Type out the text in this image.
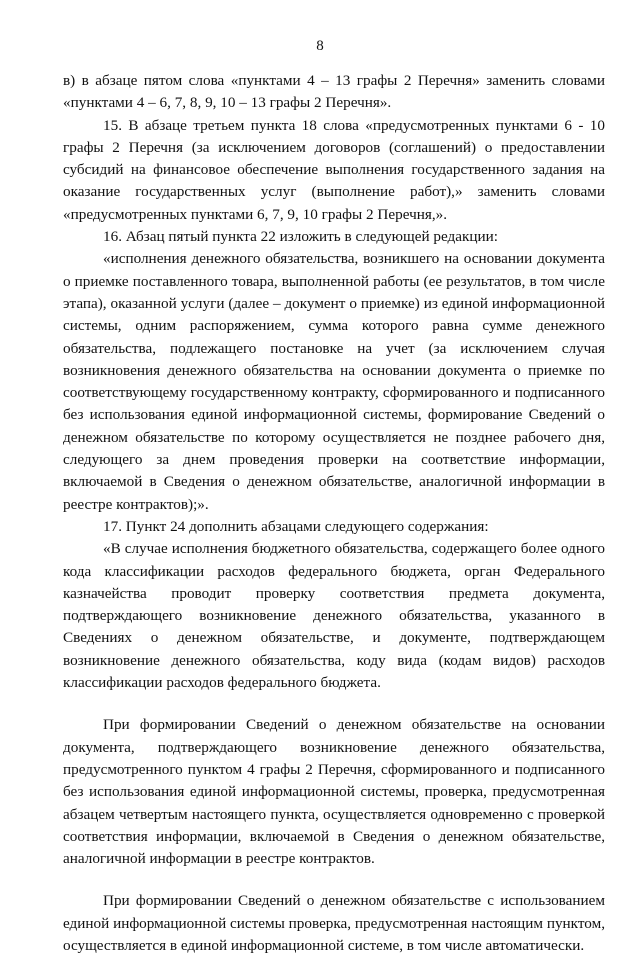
8

в) в абзаце пятом слова «пунктами 4 – 13 графы 2 Перечня» заменить словами «пунктами 4 – 6, 7, 8, 9, 10 – 13 графы 2 Перечня».

15. В абзаце третьем пункта 18 слова «предусмотренных пунктами 6 - 10 графы 2 Перечня (за исключением договоров (соглашений) о предоставлении субсидий на финансовое обеспечение выполнения государственного задания на оказание государственных услуг (выполнение работ),» заменить словами «предусмотренных пунктами 6, 7, 9, 10 графы 2 Перечня,».

16. Абзац пятый пункта 22 изложить в следующей редакции:

«исполнения денежного обязательства, возникшего на основании документа о приемке поставленного товара, выполненной работы (ее результатов, в том числе этапа), оказанной услуги (далее – документ о приемке) из единой информационной системы, одним распоряжением, сумма которого равна сумме денежного обязательства, подлежащего постановке на учет (за исключением случая возникновения денежного обязательства на основании документа о приемке по соответствующему государственному контракту, сформированного и подписанного без использования единой информационной системы, формирование Сведений о денежном обязательстве по которому осуществляется не позднее рабочего дня, следующего за днем проведения проверки на соответствие информации, включаемой в Сведения о денежном обязательстве, аналогичной информации в реестре контрактов);».

17. Пункт 24 дополнить абзацами следующего содержания:

«В случае исполнения бюджетного обязательства, содержащего более одного кода классификации расходов федерального бюджета, орган Федерального казначейства проводит проверку соответствия предмета документа, подтверждающего возникновение денежного обязательства, указанного в Сведениях о денежном обязательстве, и документе, подтверждающем возникновение денежного обязательства, коду вида (кодам видов) расходов классификации расходов федерального бюджета.

При формировании Сведений о денежном обязательстве на основании документа, подтверждающего возникновение денежного обязательства, предусмотренного пунктом 4 графы 2 Перечня, сформированного и подписанного без использования единой информационной системы, проверка, предусмотренная абзацем четвертым настоящего пункта, осуществляется одновременно с проверкой соответствия информации, включаемой в Сведения о денежном обязательстве, аналогичной информации в реестре контрактов.

При формировании Сведений о денежном обязательстве с использованием единой информационной системы проверка, предусмотренная настоящим пунктом, осуществляется в единой информационной системе, в том числе автоматически.
